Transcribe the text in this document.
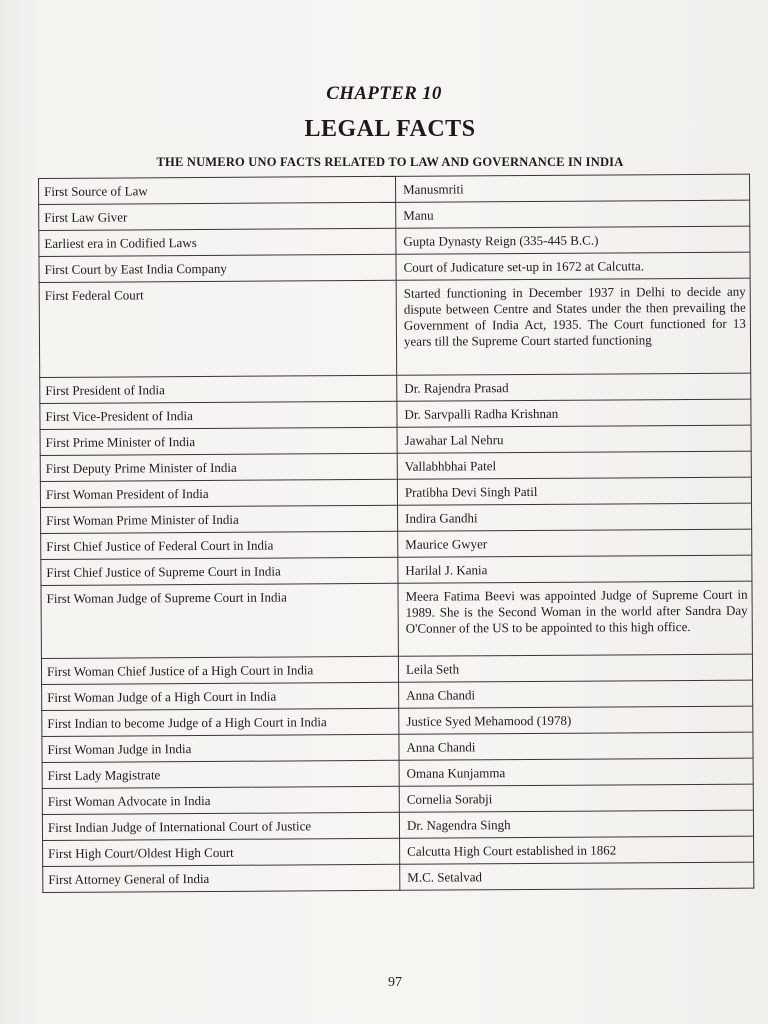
CHAPTER 10
LEGAL FACTS
THE NUMERO UNO FACTS RELATED TO LAW AND GOVERNANCE IN INDIA
First Source of Law	Manusmriti
First Law Giver	Manu
Earliest era in Codified Laws	Gupta Dynasty Reign (335-445 B.C.)
First Court by East India Company	Court of Judicature set-up in 1672 at Calcutta.
First Federal Court	Started functioning in December 1937 in Delhi to decide any dispute between Centre and States under the then prevailing the Government of India Act, 1935. The Court functioned for 13 years till the Supreme Court started functioning
First President of India	Dr. Rajendra Prasad
First Vice-President of India	Dr. Sarvpalli Radha Krishnan
First Prime Minister of India	Jawahar Lal Nehru
First Deputy Prime Minister of India	Vallabhbhai Patel
First Woman President of India	Pratibha Devi Singh Patil
First Woman Prime Minister of India	Indira Gandhi
First Chief Justice of Federal Court in India	Maurice Gwyer
First Chief Justice of Supreme Court in India	Harilal J. Kania
First Woman Judge of Supreme Court in India	Meera Fatima Beevi was appointed Judge of Supreme Court in 1989. She is the Second Woman in the world after Sandra Day O'Conner of the US to be appointed to this high office.
First Woman Chief Justice of a High Court in India	Leila Seth
First Woman Judge of a High Court in India	Anna Chandi
First Indian to become Judge of a High Court in India	Justice Syed Mehamood (1978)
First Woman Judge in India	Anna Chandi
First Lady Magistrate	Omana Kunjamma
First Woman Advocate in India	Cornelia Sorabji
First Indian Judge of International Court of Justice	Dr. Nagendra Singh
First High Court/Oldest High Court	Calcutta High Court established in 1862
First Attorney General of India	M.C. Setalvad
97
